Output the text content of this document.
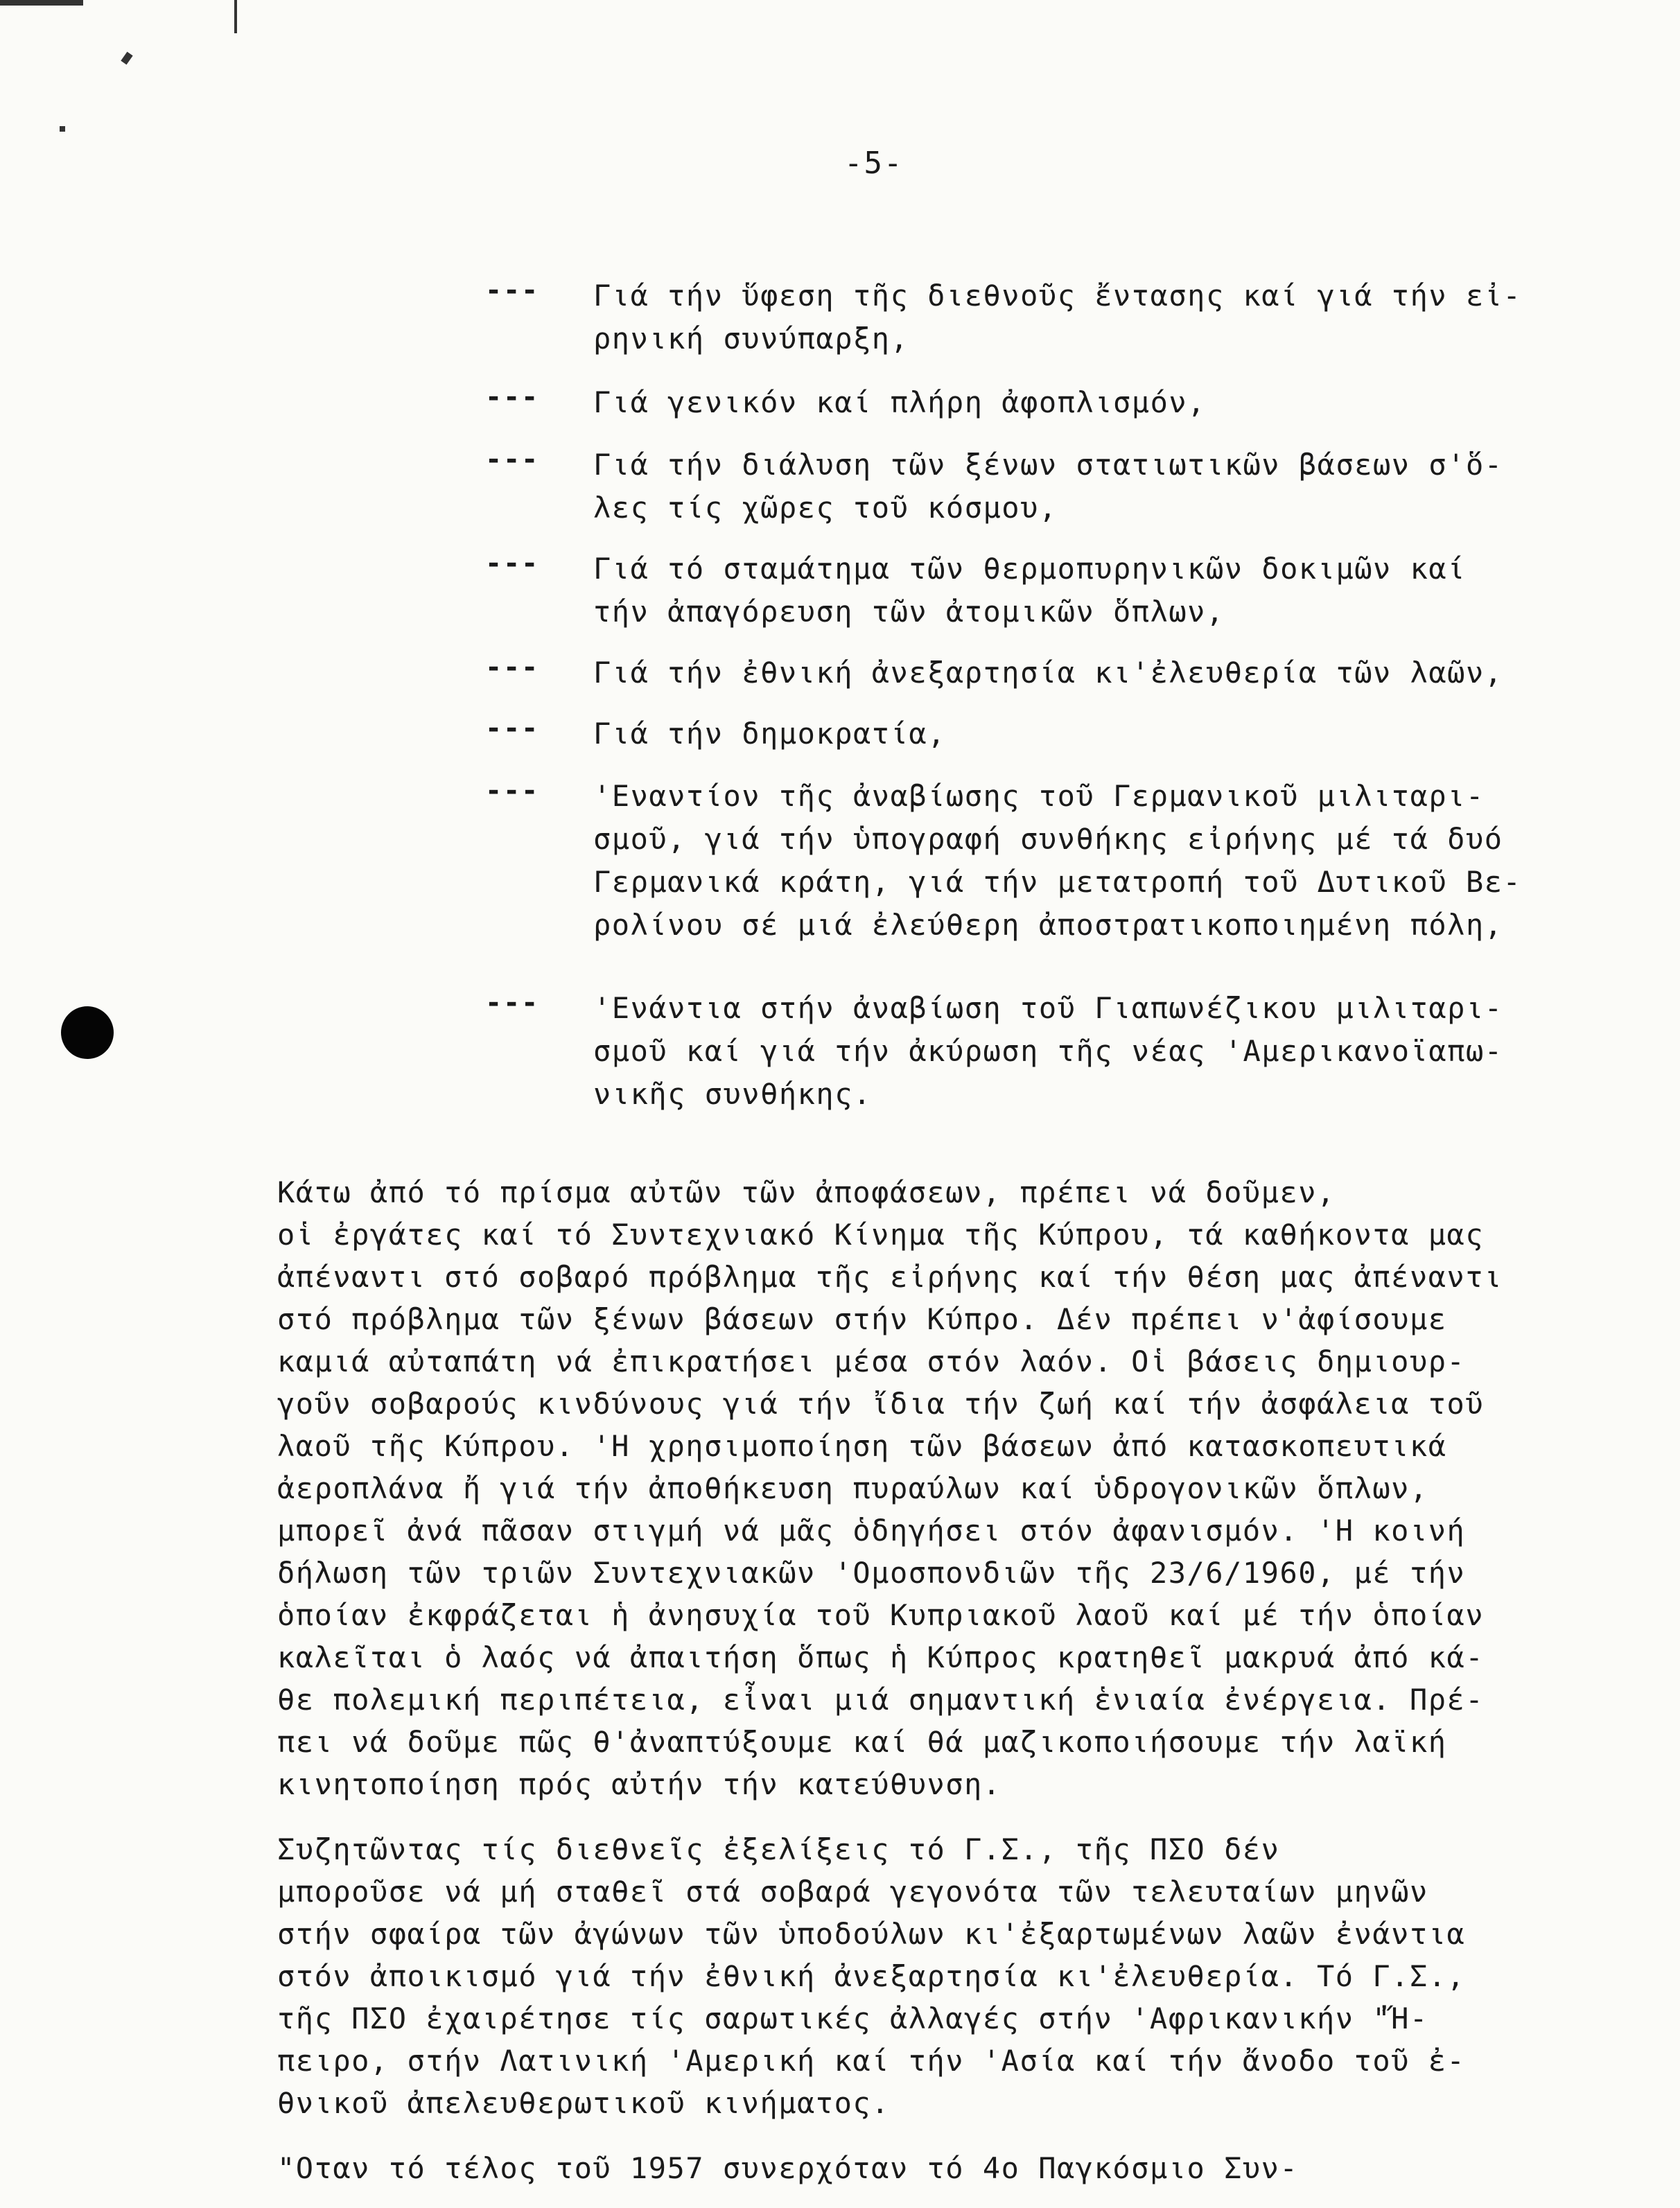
-5-
--- Γιά τήν ὕφεση τῆς διεθνοῦς ἔντασης καί γιά τήν εἰ-
ρηνική συνύπαρξη,
--- Γιά γενικόν καί πλήρη ἀφοπλισμόν,
--- Γιά τήν διάλυση τῶν ξένων στατιωτικῶν βάσεων σ'ὅ-
λες τίς χῶρες τοῦ κόσμου,
--- Γιά τό σταμάτημα τῶν θερμοπυρηνικῶν δοκιμῶν καί
τήν ἀπαγόρευση τῶν ἀτομικῶν ὅπλων,
--- Γιά τήν ἐθνική ἀνεξαρτησία κι'ἐλευθερία τῶν λαῶν,
--- Γιά τήν δημοκρατία,
--- 'Εναντίον τῆς ἀναβίωσης τοῦ Γερμανικοῦ μιλιταρι-
σμοῦ, γιά τήν ὑπογραφή συνθήκης εἰρήνης μέ τά δυό
Γερμανικά κράτη, γιά τήν μετατροπή τοῦ Δυτικοῦ Βε-
ρολίνου σέ μιά ἐλεύθερη ἀποστρατικοποιημένη πόλη,
--- 'Ενάντια στήν ἀναβίωση τοῦ Γιαπωνέζικου μιλιταρι-
σμοῦ καί γιά τήν ἀκύρωση τῆς νέας 'Αμερικανοϊαπω-
νικῆς συνθήκης.
Κάτω ἀπό τό πρίσμα αὐτῶν τῶν ἀποφάσεων, πρέπει νά δοῦμεν,
οἱ ἐργάτες καί τό Συντεχνιακό Κίνημα τῆς Κύπρου, τά καθήκοντα μας
ἀπέναντι στό σοβαρό πρόβλημα τῆς εἰρήνης καί τήν θέση μας ἀπέναντι
στό πρόβλημα τῶν ξένων βάσεων στήν Κύπρο. Δέν πρέπει ν'ἀφίσουμε
καμιά αὐταπάτη νά ἐπικρατήσει μέσα στόν λαόν. Οἱ βάσεις δημιουρ-
γοῦν σοβαρούς κινδύνους γιά τήν ἴδια τήν ζωή καί τήν ἀσφάλεια τοῦ
λαοῦ τῆς Κύπρου. 'Η χρησιμοποίηση τῶν βάσεων ἀπό κατασκοπευτικά
ἀεροπλάνα ἤ γιά τήν ἀποθήκευση πυραύλων καί ὑδρογονικῶν ὅπλων,
μπορεῖ ἀνά πᾶσαν στιγμή νά μᾶς ὁδηγήσει στόν ἀφανισμόν. 'Η κοινή
δήλωση τῶν τριῶν Συντεχνιακῶν 'Ομοσπονδιῶν τῆς 23/6/1960, μέ τήν
ὁποίαν ἐκφράζεται ἡ ἀνησυχία τοῦ Κυπριακοῦ λαοῦ καί μέ τήν ὁποίαν
καλεῖται ὁ λαός νά ἀπαιτήση ὅπως ἡ Κύπρος κρατηθεῖ μακρυά ἀπό κά-
θε πολεμική περιπέτεια, εἶναι μιά σημαντική ἑνιαία ἐνέργεια. Πρέ-
πει νά δοῦμε πῶς θ'ἀναπτύξουμε καί θά μαζικοποιήσουμε τήν λαϊκή
κινητοποίηση πρός αὐτήν τήν κατεύθυνση.
Συζητῶντας τίς διεθνεῖς ἐξελίξεις τό Γ.Σ., τῆς ΠΣΟ δέν
μποροῦσε νά μή σταθεῖ στά σοβαρά γεγονότα τῶν τελευταίων μηνῶν
στήν σφαίρα τῶν ἀγώνων τῶν ὑποδούλων κι'ἐξαρτωμένων λαῶν ἐνάντια
στόν ἀποικισμό γιά τήν ἐθνική ἀνεξαρτησία κι'ἐλευθερία. Τό Γ.Σ.,
τῆς ΠΣΟ ἐχαιρέτησε τίς σαρωτικές ἀλλαγές στήν 'Αφρικανικήν "Ἤ-
πειρο, στήν Λατινική 'Αμερική καί τήν 'Ασία καί τήν ἄνοδο τοῦ ἐ-
θνικοῦ ἀπελευθερωτικοῦ κινήματος.
"Οταν τό τέλος τοῦ 1957 συνερχόταν τό 4ο Παγκόσμιο Συν-
